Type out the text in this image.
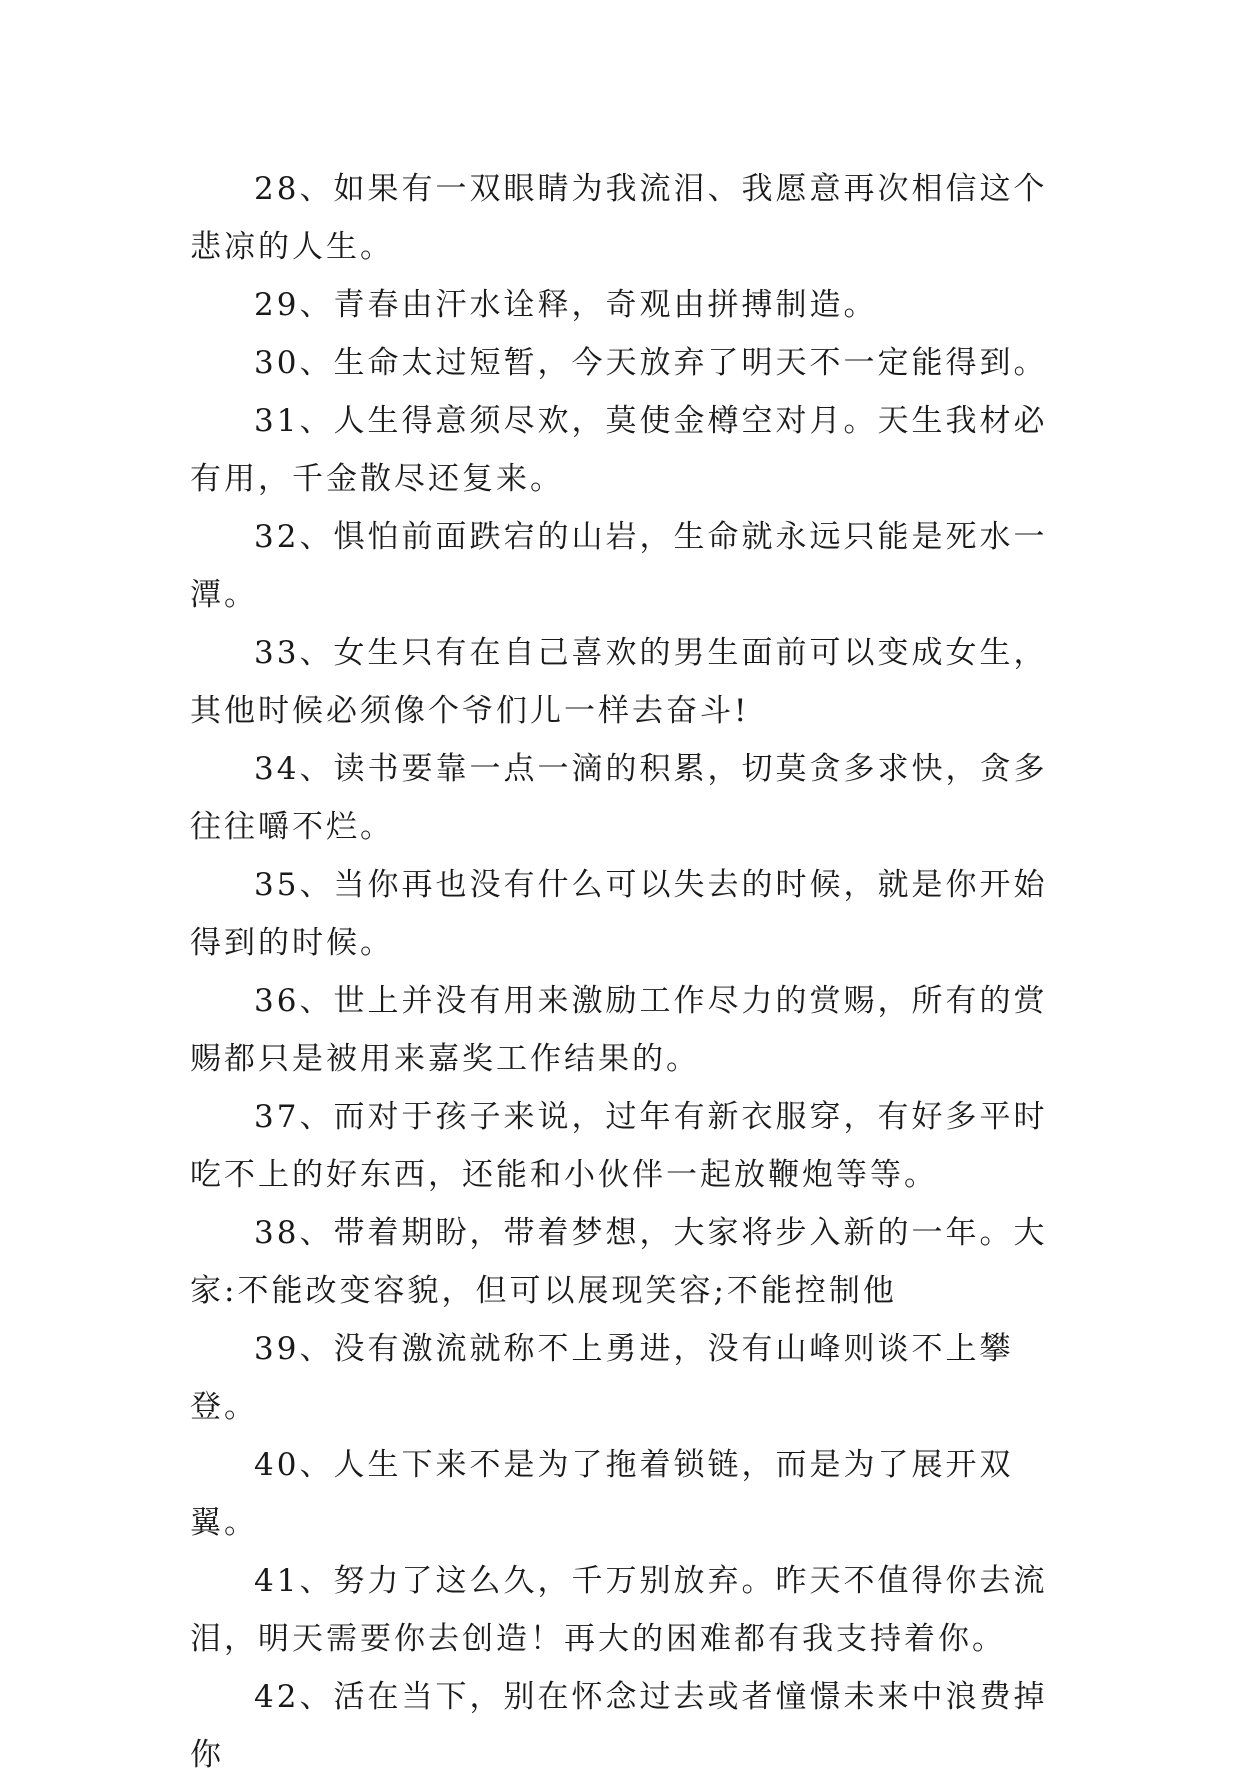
28、如果有一双眼睛为我流泪、我愿意再次相信这个悲凉的人生。

29、青春由汗水诠释，奇观由拼搏制造。

30、生命太过短暂，今天放弃了明天不一定能得到。

31、人生得意须尽欢，莫使金樽空对月。天生我材必有用，千金散尽还复来。

32、惧怕前面跌宕的山岩，生命就永远只能是死水一潭。

33、女生只有在自己喜欢的男生面前可以变成女生，其他时候必须像个爷们儿一样去奋斗!

34、读书要靠一点一滴的积累，切莫贪多求快，贪多往往嚼不烂。

35、当你再也没有什么可以失去的时候，就是你开始得到的时候。

36、世上并没有用来激励工作尽力的赏赐，所有的赏赐都只是被用来嘉奖工作结果的。

37、而对于孩子来说，过年有新衣服穿，有好多平时吃不上的好东西，还能和小伙伴一起放鞭炮等等。

38、带着期盼，带着梦想，大家将步入新的一年。大家:不能改变容貌，但可以展现笑容;不能控制他

39、没有激流就称不上勇进，没有山峰则谈不上攀登。

40、人生下来不是为了拖着锁链，而是为了展开双翼。

41、努力了这么久，千万别放弃。昨天不值得你去流泪，明天需要你去创造！再大的困难都有我支持着你。

42、活在当下，别在怀念过去或者憧憬未来中浪费掉你
